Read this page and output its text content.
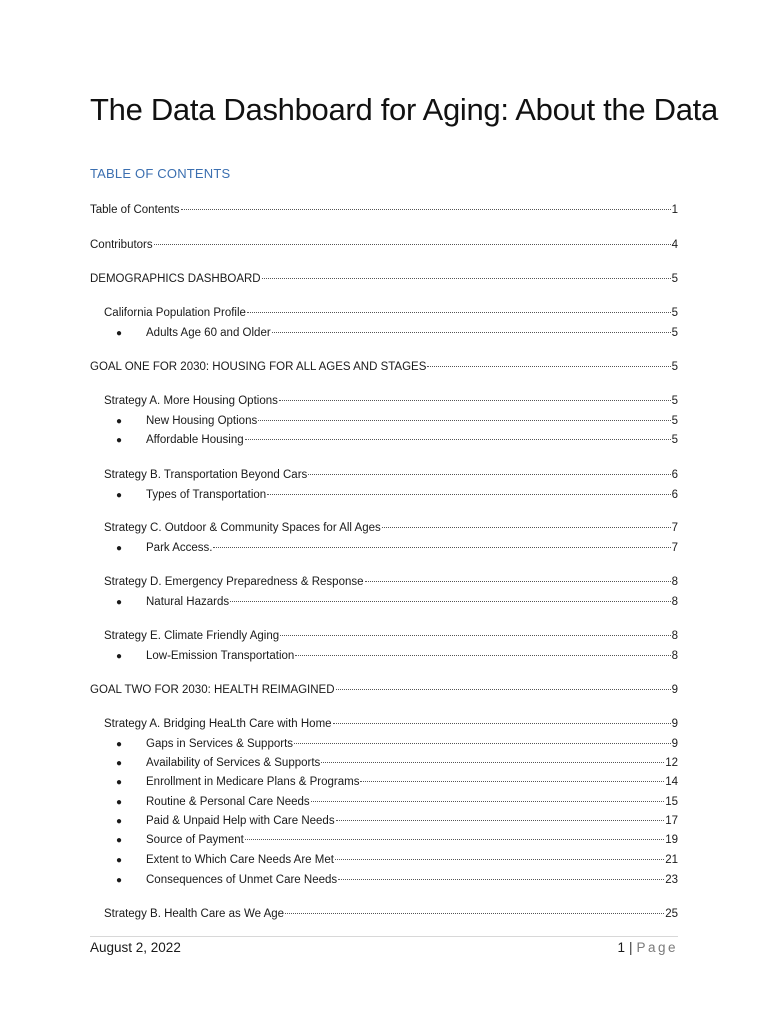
The Data Dashboard for Aging: About the Data
TABLE OF CONTENTS
Table of Contents	1
Contributors	4
DEMOGRAPHICS DASHBOARD	5
California Population Profile	5
●	Adults Age 60 and Older	5
GOAL ONE FOR 2030: HOUSING FOR ALL AGES AND STAGES	5
Strategy A. More Housing Options	5
●	New Housing Options	5
●	Affordable Housing	5
Strategy B. Transportation Beyond Cars	6
●	Types of Transportation	6
Strategy C. Outdoor & Community Spaces for All Ages	7
●	Park Access.	7
Strategy D. Emergency Preparedness & Response	8
●	Natural Hazards	8
Strategy E. Climate Friendly Aging	8
●	Low-Emission Transportation	8
GOAL TWO FOR 2030: HEALTH REIMAGINED	9
Strategy A. Bridging HeaLth Care with Home	9
●	Gaps in Services & Supports	9
●	Availability of Services & Supports	12
●	Enrollment in Medicare Plans & Programs	14
●	Routine & Personal Care Needs	15
●	Paid & Unpaid Help with Care Needs	17
●	Source of Payment	19
●	Extent to Which Care Needs Are Met	21
●	Consequences of Unmet Care Needs	23
Strategy B. Health Care as We Age	25
August 2, 2022	1 | Page
